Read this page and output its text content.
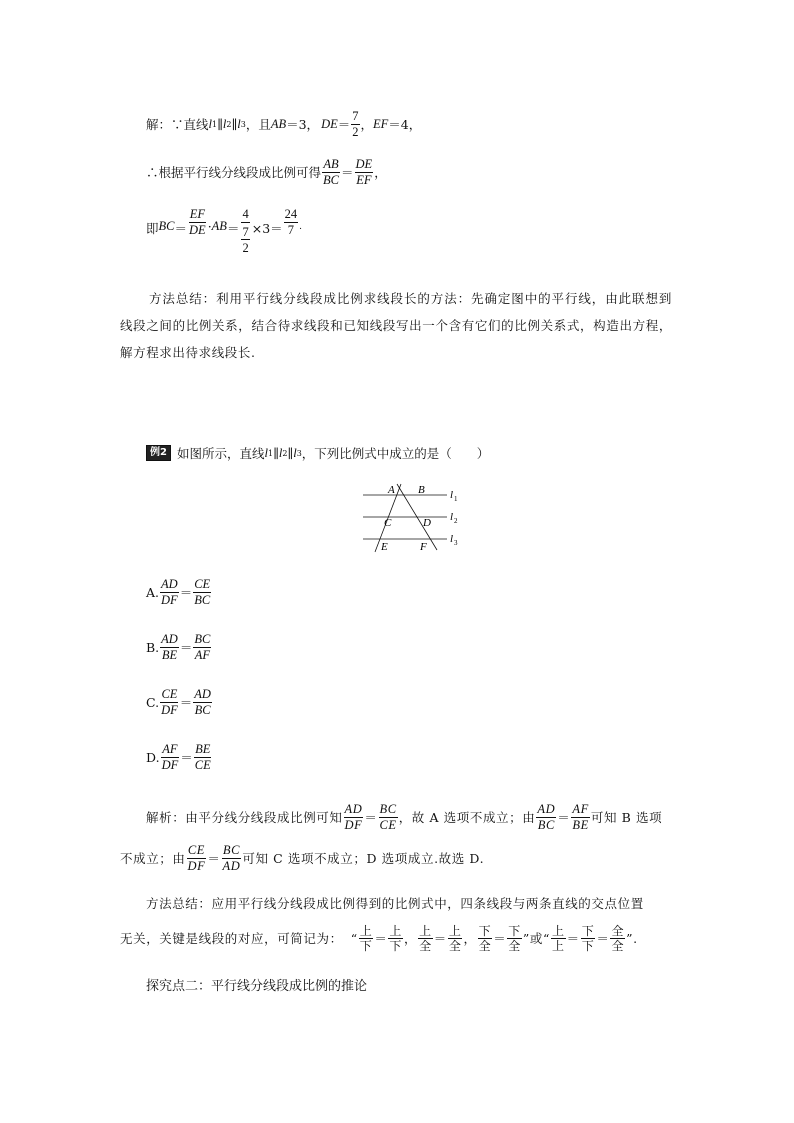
解：∵直线 l 1 ∥ l 2 ∥ l 3 ，且 AB ＝3， DE ＝ $\frac{7}{2}$ ， EF ＝4，
∴根据平行线分线段成比例可得 $\frac{AB}{BC} = \frac{DE}{EF}$ ，
即 BC ＝ $\frac{EF}{DE}$ · AB ＝ 4
7
$2 \times 3= \frac{24}{7}$ .
方法总结：利用平行线分线段成比例求线段长的方法：先确定图中的平行线，由此联想到线段之间的比例关系，结合待求线段和已知线段写出一个含有它们的比例关系式，构造出方程，解方程求出待求线段长.
例2 如图所示，直线 l 1 ∥ l 2 ∥ l 3 ，下列比例式中成立的是（　　）
A B
C	D
E	F
l 1
l 2
l 3
A. $\frac{AD}{DF} = \frac{CE}{BC}$
B. $\frac{AD}{BE} = \frac{BC}{AF}$
C. $\frac{CE}{DF} = \frac{AD}{BC}$
D. $\frac{AF}{DF} = \frac{BE}{CE}$
解析：由平分线分线段成比例可知 $\frac{AD}{DF} = \frac{BC}{CE}$ ，故 A 选项不成立；由 $\frac{AD}{BC} = \frac{AF}{BE}$ 可知 B 选项
不成立；由 $\frac{CE}{DF} = \frac{BC}{AD}$ 可知 C 选项不成立；D 选项成立.故选 D.
方法总结：应用平行线分线段成比例得到的比例式中，四条线段与两条直线的交点位置
无关，关键是线段的对应，可简记为： “ $\frac{\text{上}}{\text{下}} = \frac{\text{上}}{\text{下}}$ ， $\frac{\text{上}}{\text{全}} = \frac{\text{上}}{\text{全}}$ ， $\frac{\text{下}}{\text{全}} = \frac{\text{下}}{\text{全}}$ ” 或 “ $\frac{\text{上}}{\text{上}} = \frac{\text{下}}{\text{下}} = \frac{\text{全}}{\text{全}}$ ” .
探究点二：平行线分线段成比例的推论
